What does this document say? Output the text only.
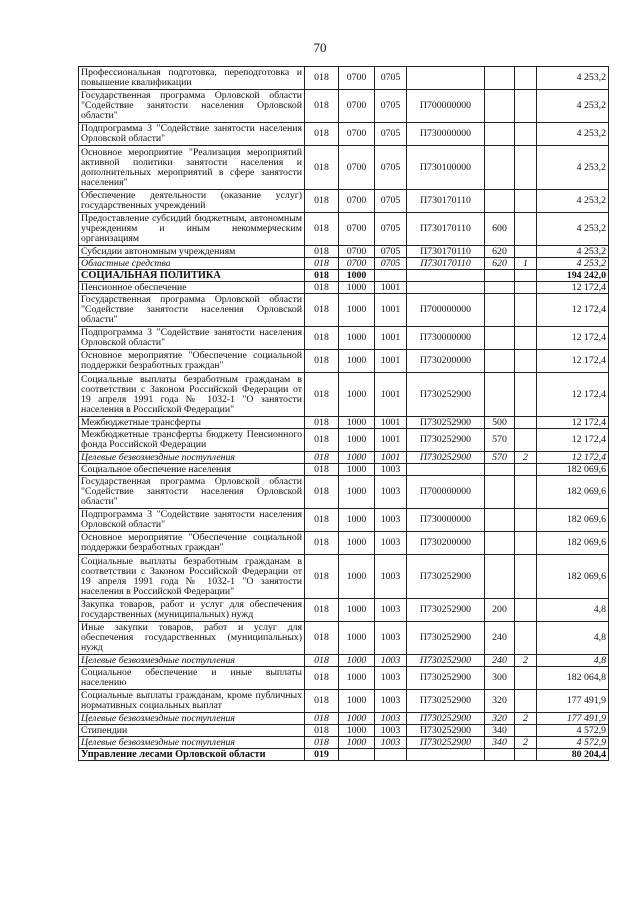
70
Профессиональная подготовка, переподготовка и повышение квалификации	018	0700	0705				4 253,2
Государственная программа Орловской области "Содействие занятости населения Орловской области"	018	0700	0705	П700000000			4 253,2
Подпрограмма 3 "Содействие занятости населения Орловской области"	018	0700	0705	П730000000			4 253,2
Основное мероприятие "Реализация мероприятий активной политики занятости населения и дополнительных мероприятий в сфере занятости населения"	018	0700	0705	П730100000			4 253,2
Обеспечение деятельности (оказание услуг) государственных учреждений	018	0700	0705	П730170110			4 253,2
Предоставление субсидий бюджетным, автономным учреждениям и иным некоммерческим организациям	018	0700	0705	П730170110	600		4 253,2
Субсидии автономным учреждениям	018	0700	0705	П730170110	620		4 253,2
Областные средства	018	0700	0705	П730170110	620	1	4 253,2
СОЦИАЛЬНАЯ ПОЛИТИКА	018	1000					194 242,0
Пенсионное обеспечение	018	1000	1001				12 172,4
Государственная программа Орловской области "Содействие занятости населения Орловской области"	018	1000	1001	П700000000			12 172,4
Подпрограмма 3 "Содействие занятости населения Орловской области"	018	1000	1001	П730000000			12 172,4
Основное мероприятие "Обеспечение социальной поддержки безработных граждан"	018	1000	1001	П730200000			12 172,4
Социальные выплаты безработным гражданам в соответствии с Законом Российской Федерации от 19 апреля 1991 года № 1032-1 "О занятости населения в Российской Федерации"	018	1000	1001	П730252900			12 172,4
Межбюджетные трансферты	018	1000	1001	П730252900	500		12 172,4
Межбюджетные трансферты бюджету Пенсионного фонда Российской Федерации	018	1000	1001	П730252900	570		12 172,4
Целевые безвозмездные поступления	018	1000	1001	П730252900	570	2	12 172,4
Социальное обеспечение населения	018	1000	1003				182 069,6
Государственная программа Орловской области "Содействие занятости населения Орловской области"	018	1000	1003	П700000000			182 069,6
Подпрограмма 3 "Содействие занятости населения Орловской области"	018	1000	1003	П730000000			182 069,6
Основное мероприятие "Обеспечение социальной поддержки безработных граждан"	018	1000	1003	П730200000			182 069,6
Социальные выплаты безработным гражданам в соответствии с Законом Российской Федерации от 19 апреля 1991 года № 1032-1 "О занятости населения в Российской Федерации"	018	1000	1003	П730252900			182 069,6
Закупка товаров, работ и услуг для обеспечения государственных (муниципальных) нужд	018	1000	1003	П730252900	200		4,8
Иные закупки товаров, работ и услуг для обеспечения государственных (муниципальных) нужд	018	1000	1003	П730252900	240		4,8
Целевые безвозмездные поступления	018	1000	1003	П730252900	240	2	4,8
Социальное обеспечение и иные выплаты населению	018	1000	1003	П730252900	300		182 064,8
Социальные выплаты гражданам, кроме публичных нормативных социальных выплат	018	1000	1003	П730252900	320		177 491,9
Целевые безвозмездные поступления	018	1000	1003	П730252900	320	2	177 491,9
Стипендии	018	1000	1003	П730252900	340		4 572,9
Целевые безвозмездные поступления	018	1000	1003	П730252900	340	2	4 572,9
Управление лесами Орловской области	019						80 204,4
